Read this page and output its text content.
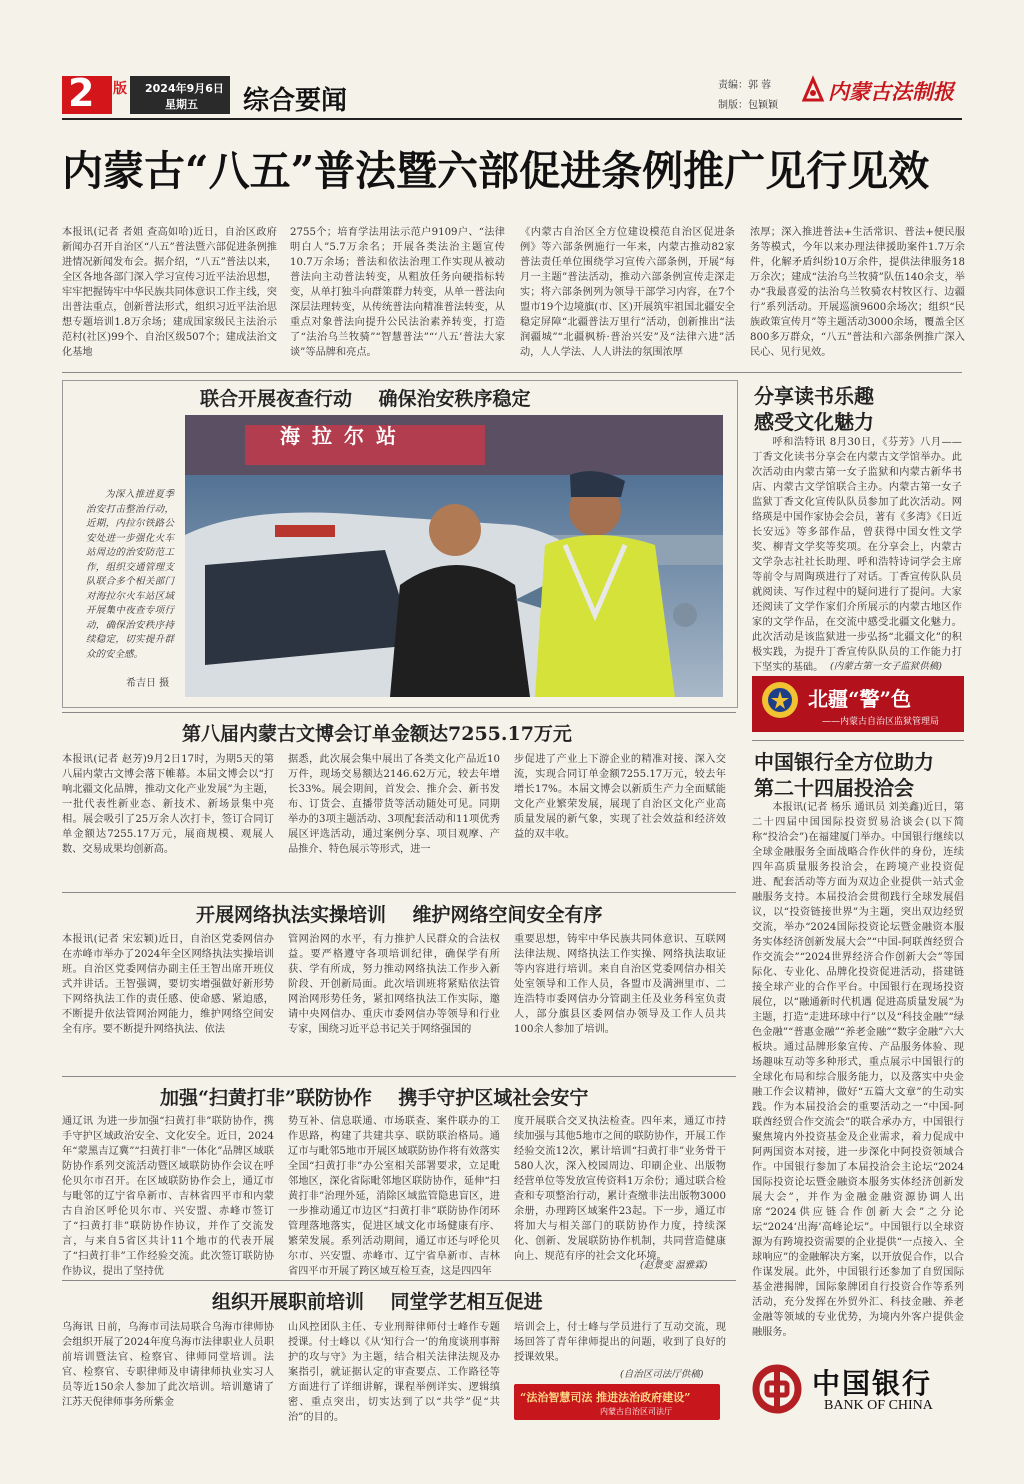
2 版 2024年9月6日
星期五 综合要闻
责编：郭 蓉
制版：包颖颖
内蒙古法制报
内蒙古“八五”普法暨六部促进条例推广见行见效
本报讯(记者 者姐 查高如哈)近日，自治区政府新闻办召开自治区“八五”普法暨六部促进条例推进情况新闻发布会。据介绍，“八五”普法以来，全区各地各部门深入学习宣传习近平法治思想，牢牢把握铸牢中华民族共同体意识工作主线，突出普法重点，创新普法形式，组织习近平法治思想专题培训1.8万余场；建成国家级民主法治示范村(社区)99个、自治区级507个；建成法治文化基地
2755个；培育学法用法示范户9109户、“法律明白人”5.7万余名；开展各类法治主题宣传10.7万余场；普法和依法治理工作实现从被动普法向主动普法转变，从粗放任务向硬指标转变，从单打独斗向群策群力转变，从单一普法向深层法理转变，从传统普法向精准普法转变，从重点对象普法向提升公民法治素养转变，打造了“法治乌兰牧骑”“智慧普法”“‘八五’普法大家谈”等品牌和亮点。
《内蒙古自治区全方位建设模范自治区促进条例》等六部条例施行一年来，内蒙古推动82家普法责任单位围绕学习宣传六部条例，开展“每月一主题”普法活动，推动六部条例宣传走深走实；将六部条例列为领导干部学习内容，在7个盟市19个边境旗(市、区)开展筑牢祖国北疆安全稳定屏障“北疆普法万里行”活动，创新推出“法润疆城”“北疆枫桥·普治兴安”及“法律六进”活动，人人学法、人人讲法的氛围浓厚
浓厚；深入推进普法+生活常识、普法+便民服务等模式，今年以来办理法律援助案件1.7万余件，化解矛盾纠纷10万余件，提供法律服务18万余次；建成“法治乌兰牧骑”队伍140余支，举办“我最喜爱的法治乌兰牧骑农村牧区行、边疆行”系列活动。开展巡演9600余场次；组织“民族政策宣传月”等主题活动3000余场，覆盖全区800多万群众，“八五”普法和六部条例推广深入民心、见行见效。
联合开展夜查行动    确保治安秩序稳定
海拉尔站
为深入推进夏季治安打击整治行动，近期，内拉尔铁路公安处进一步强化火车站周边的治安防范工作，组织交通管理支队联合多个相关部门对海拉尔火车站区域开展集中夜查专项行动，确保治安秩序持续稳定，切实提升群众的安全感。
希吉日 摄
分享读书乐趣
感受文化魅力
呼和浩特讯 8月30日，《芬芳》八月——丁香文化读书分享会在内蒙古文学馆举办。此次活动由内蒙古第一女子监狱和内蒙古新华书店、内蒙古文学馆联合主办。内蒙古第一女子监狱丁香文化宣传队队员参加了此次活动。网络瑛是中国作家协会会员，著有《多湾》《日近长安远》等多部作品，曾获得中国女性文学奖、柳青文学奖等奖项。在分享会上，内蒙古文学杂志社社长助理、呼和浩特诗词学会主席等前令与周陶瑛进行了对话。丁香宣传队队员就阅读、写作过程中的疑问进行了提问。大家还阅读了文学作家们介所展示的内蒙古地区作家的文学作品，在交流中感受北疆文化魅力。此次活动是该监狱进一步弘扬“北疆文化”的积极实践，为提升丁香宣传队队员的工作能力打下坚实的基础。 (内蒙古第一女子监狱供稿)
北疆“警”色
——内蒙古自治区监狱管理局
第八届内蒙古文博会订单金额达7255.17万元
本报讯(记者 赵芳)9月2日17时，为期5天的第八届内蒙古文博会落下帷幕。本届文博会以“打响北疆文化品牌，推动文化产业发展”为主题，一批代表性新业态、新技术、新场景集中亮相。展会吸引了25万余人次打卡，签订合同订单金额达7255.17万元，展商规模、观展人数、交易成果均创新高。
据悉，此次展会集中展出了各类文化产品近10万件，现场交易额达2146.62万元，较去年增长33%。展会期间，首发会、推介会、新书发布、订货会、直播带货等活动随处可见。同期举办的3项主题活动、3项配套活动和11项优秀展区评选活动，通过案例分享、项目观摩、产品推介、特色展示等形式，进一
步促进了产业上下游企业的精准对接、深入交流，实现合同订单金额7255.17万元，较去年增长17%。本届文博会以新质生产力全面赋能文化产业繁荣发展，展现了自治区文化产业高质量发展的新气象，实现了社会效益和经济效益的双丰收。
开展网络执法实操培训    维护网络空间安全有序
本报讯(记者 宋宏颖)近日，自治区党委网信办在赤峰市举办了2024年全区网络执法实操培训班。自治区党委网信办副主任王智出席开班仪式并讲话。王智强调，要切实增强做好新形势下网络执法工作的责任感、使命感、紧迫感，不断提升依法管网治网能力，维护网络空间安全有序。要不断提升网络执法、依法
管网治网的水平，有力推护人民群众的合法权益。要严格遵守各项培训纪律，确保学有所获、学有所成，努力推动网络执法工作步入新阶段、开创新局面。此次培训班将紧贴依法管网治网形势任务，紧扣网络执法工作实际，邀请中央网信办、重庆市委网信办等领导和行业专家，围绕习近平总书记关于网络强国的
重要思想，铸牢中华民族共同体意识、互联网法律法规、网络执法工作实操、网络执法取证等内容进行培训。来自自治区党委网信办相关处室领导和工作人员，各盟市及满洲里市、二连浩特市委网信办分管副主任及业务科室负责人，部分旗县区委网信办领导及工作人员共100余人参加了培训。
加强“扫黄打非”联防协作    携手守护区域社会安宁
通辽讯 为进一步加强“扫黄打非”联防协作，携手守护区域政治安全、文化安全。近日，2024年“蒙黑吉辽冀”“扫黄打非”一体化”品牌区域联防协作系列交流活动暨区域联防协作会议在呼伦贝尔市召开。在区域联防协作会上，通辽市与毗邻的辽宁省阜新市、吉林省四平市和内蒙古自治区呼伦贝尔市、兴安盟、赤峰市签订了“扫黄打非”联防协作协议，并作了交流发言，与来自5省区共计11个地市的代表开展了“扫黄打非”工作经验交流。此次签订联防协作协议，提出了坚持优
势互补、信息联通、市场联查、案件联办的工作思路，构建了共建共享、联防联治格局。通辽市与毗邻5地市开展区域联防协作将有效落实全国“扫黄打非”办公室相关部署要求，立足毗邻地区，深化省际毗邻地区联防协作，延伸“扫黄打非”治理外延，消除区域监管隐患盲区，进一步推动通辽市边区“扫黄打非”联防协作闭环管理落地落实，促进区域文化市场健康有序、繁荣发展。系列活动期间，通辽市还与呼伦贝尔市、兴安盟、赤峰市、辽宁省阜新市、吉林省四平市开展了跨区域互检互查，这是四四年
度开展联合交叉执法检查。四年来，通辽市持续加强与其他5地市之间的联防协作，开展工作经验交流12次，累计培训“扫黄打非”业务骨干580人次，深入校园周边、印刷企业、出版物经营单位等发放宣传资料1万余份；通过联合检查和专项整治行动，累计查缴非法出版物3000余册，办理跨区域案件23起。下一步，通辽市将加大与相关部门的联防协作力度，持续深化、创新、发展联防协作机制，共同营造健康向上、规范有序的社会文化环境。
(赵景变 温雅霖)
组织开展职前培训    同堂学艺相互促进
乌海讯 日前，乌海市司法局联合乌海市律师协会组织开展了2024年度乌海市法律职业人员职前培训暨法官、检察官、律师同堂培训。法官、检察官、专职律师及申请律师执业实习人员等近150余人参加了此次培训。培训邀请了江苏天倪律师事务所紫金
山风控团队主任、专业刑辩律师付士峰作专题授课。付士峰以《从‘知行合一’的角度谈刑事辩护的攻与守》为主题，结合相关法律法规及办案指引，就证据认定的审查要点、工作路径等方面进行了详细讲解，课程举例详实、逻辑缜密、重点突出，切实达到了以“共学”促“共治”的目的。
培训会上，付士峰与学员进行了互动交流，现场回答了青年律师提出的问题，收到了良好的授课效果。
(自治区司法厅供稿)
“法治智慧司法 推进法治政府建设”
内蒙古自治区司法厅
中国银行全方位助力
第二十四届投洽会
本报讯(记者 杨乐 通讯员 刘美鑫)近日，第二十四届中国国际投资贸易洽谈会(以下简称“投洽会”)在福建厦门举办。中国银行继续以全球金融服务全面战略合作伙伴的身份，连续四年高质量服务投洽会，在跨境产业投资促进、配套活动等方面为双边企业提供一站式金融服务支持。本届投洽会贯彻践行全球发展倡议，以“投资链接世界”为主题，突出双边经贸交流，举办“2024国际投资论坛暨金融资本服务实体经济创新发展大会”“中国-阿联酋经贸合作交流会”“2024世界经济合作创新大会”等国际化、专业化、品牌化投资促进活动，搭建链接全球产业的合作平台。中国银行在现场投资展位，以“融通新时代机遇 促进高质量发展”为主题，打造“走进环球中行”以及“科技金融”“绿色金融”“普惠金融”“养老金融”“数字金融”六大板块。通过品牌形象宣传、产品服务体验、现场趣味互动等多种形式，重点展示中国银行的全球化布局和综合服务能力，以及落实中央金融工作会议精神，做好“五篇大文章”的生动实践。作为本届投洽会的重要活动之一“中国-阿联酋经贸合作交流会”的联合承办方，中国银行聚焦境内外投资基金及企业需求，着力促成中阿两国资本对接，进一步深化中阿投资领域合作。中国银行参加了本届投洽会主论坛“2024国际投资论坛暨金融资本服务实体经济创新发展大会”，并作为金融金融资源协调人出席“2024供应链合作创新大会”之分论坛“2024‘出海’高峰论坛”。中国银行以全球资源为有跨境投资需要的企业提供“一点接入、全球响应”的金融解决方案，以开放促合作，以合作谋发展。此外，中国银行还参加了自贸国际基金港揭牌，国际象牌团自行投资合作等系列活动，充分发挥在外贸外汇、科技金融、养老金融等领域的专业优势，为境内外客户提供金融服务。
中国银行
BANK OF CHINA
